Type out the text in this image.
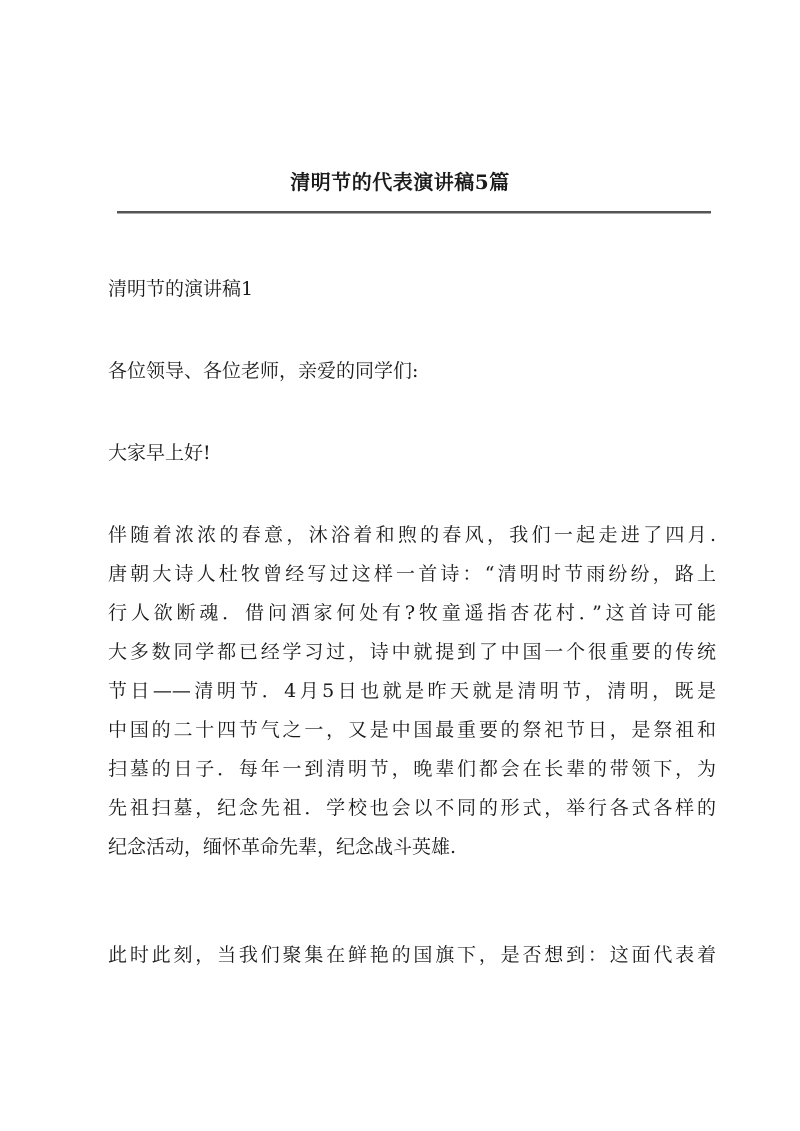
清明节的代表演讲稿5篇

清明节的演讲稿1

各位领导、各位老师，亲爱的同学们:

大家早上好!

伴随着浓浓的春意，沐浴着和煦的春风，我们一起走进了四月.
唐朝大诗人杜牧曾经写过这样一首诗：“清明时节雨纷纷，路上
行人欲断魂．借问酒家何处有?牧童遥指杏花村．”这首诗可能
大多数同学都已经学习过，诗中就提到了中国一个很重要的传统
节日——清明节．4月5日也就是昨天就是清明节，清明，既是
中国的二十四节气之一，又是中国最重要的祭祀节日，是祭祖和
扫墓的日子．每年一到清明节，晚辈们都会在长辈的带领下，为
先祖扫墓，纪念先祖．学校也会以不同的形式，举行各式各样的
纪念活动，缅怀革命先辈，纪念战斗英雄.
此时此刻，当我们聚集在鲜艳的国旗下，是否想到：这面代表着
